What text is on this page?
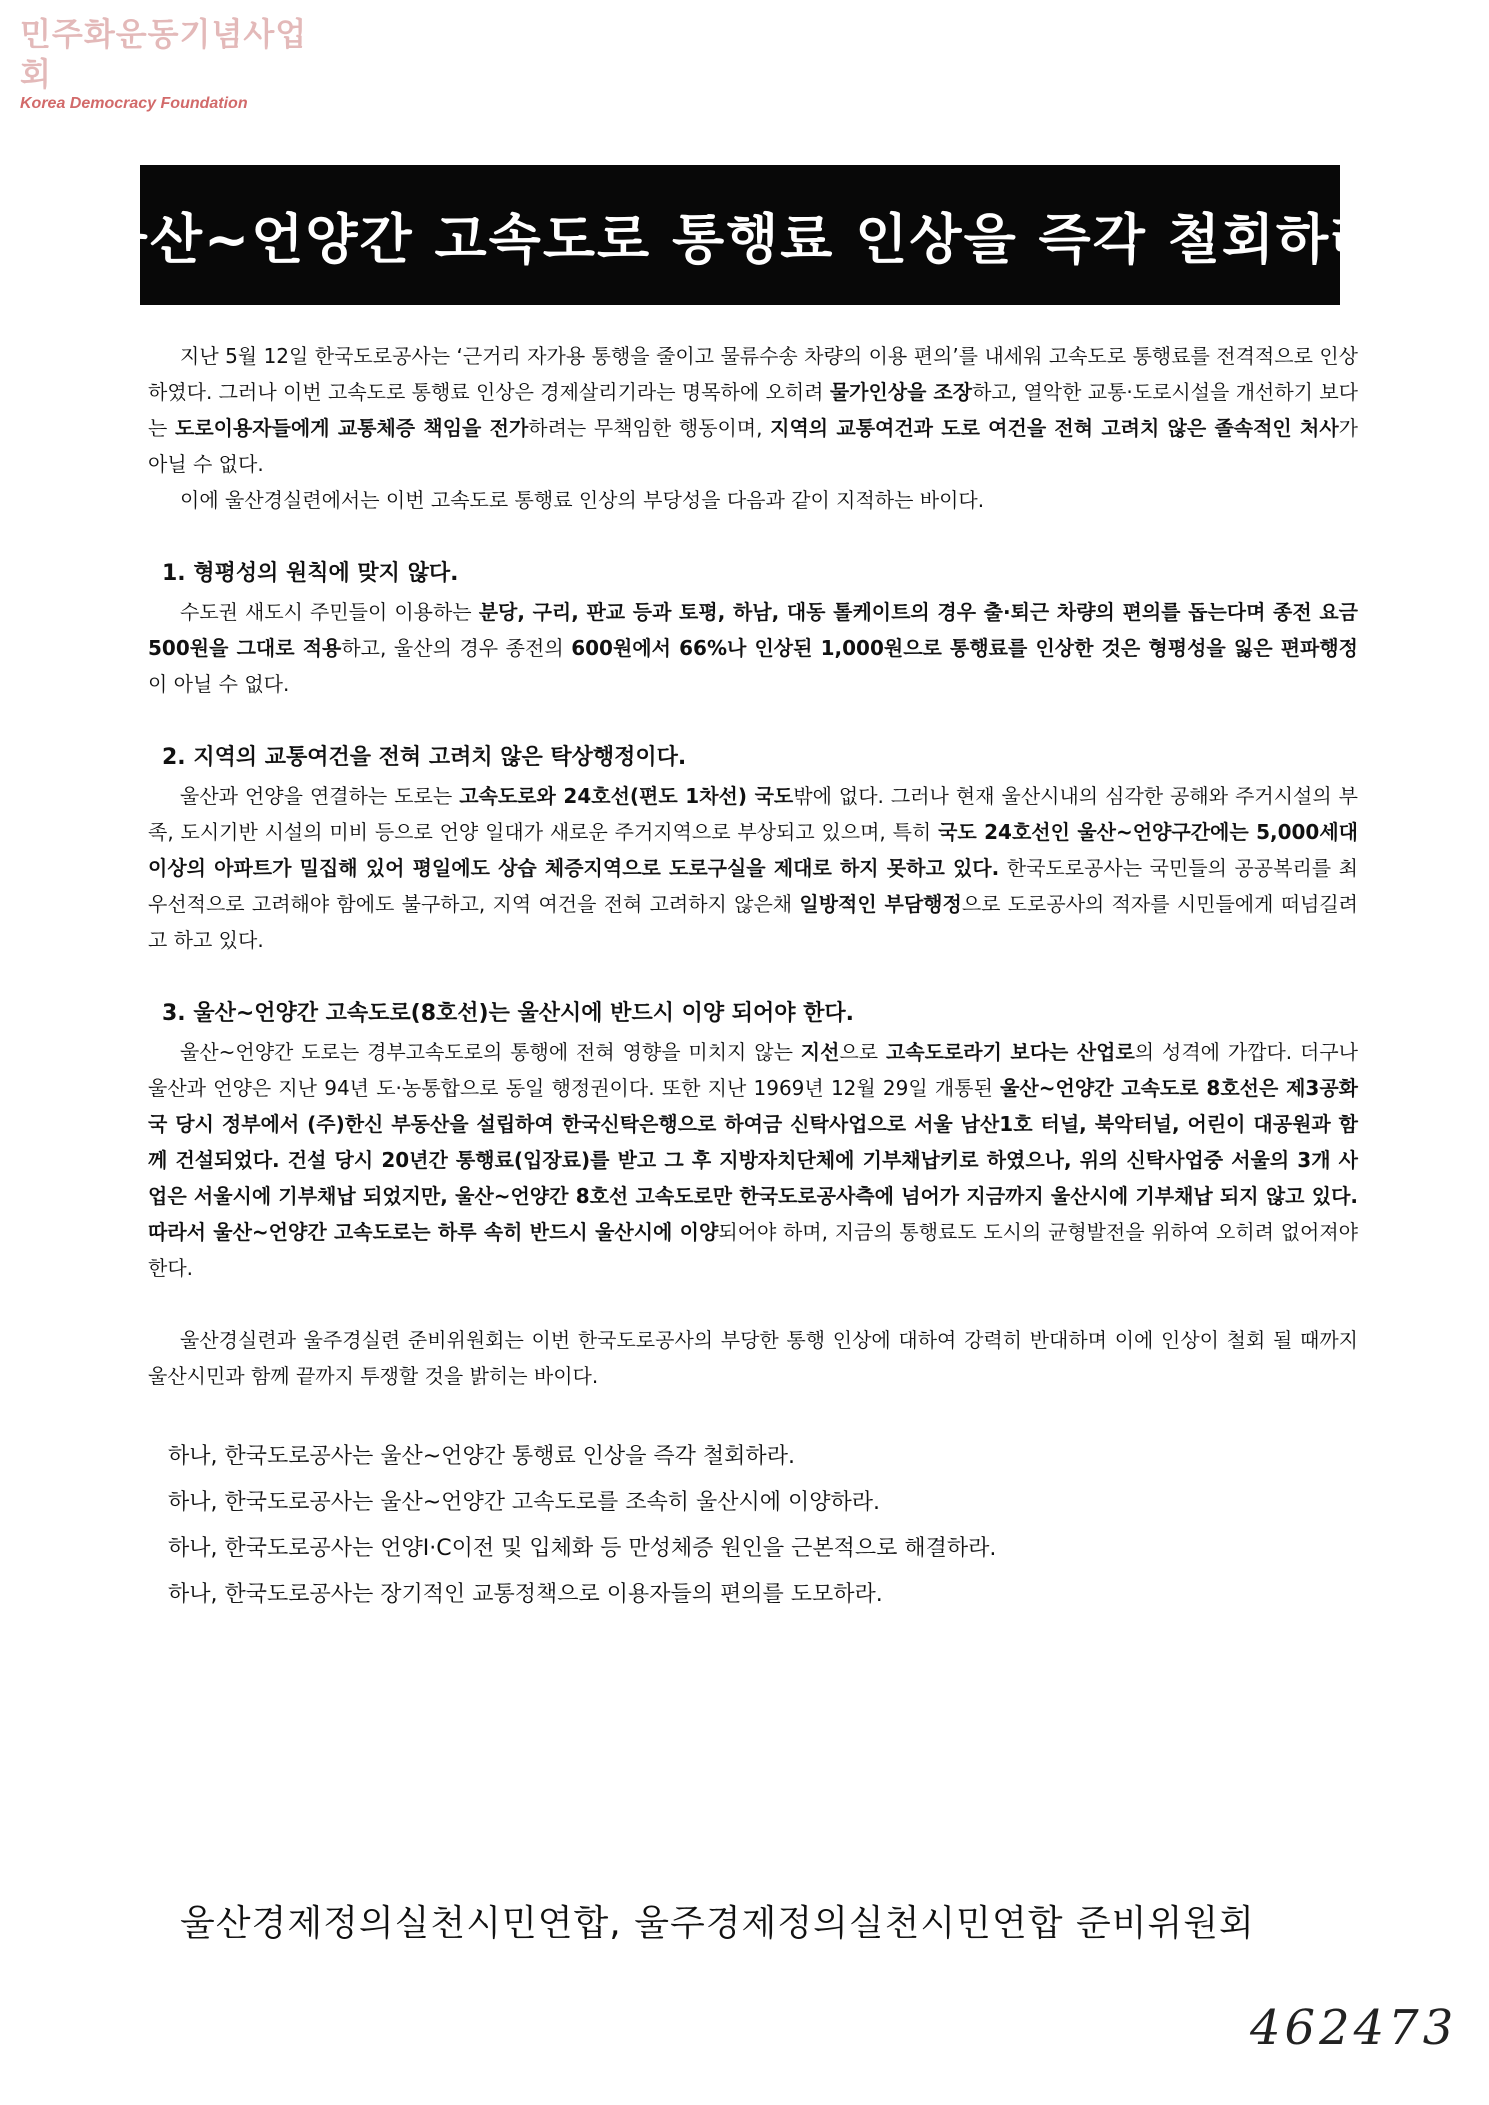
민주화운동기념사업회
Korea Democracy Foundation
울산~언양간 고속도로 통행료 인상을 즉각 철회하라

지난 5월 12일 한국도로공사는 ‘근거리 자가용 통행을 줄이고 물류수송 차량의 이용 편의’를 내세워 고속도로 통행료를 전격적으로 인상하였다. 그러나 이번 고속도로 통행료 인상은 경제살리기라는 명목하에 오히려 물가인상을 조장하고, 열악한 교통·도로시설을 개선하기 보다는 도로이용자들에게 교통체증 책임을 전가하려는 무책임한 행동이며, 지역의 교통여건과 도로 여건을 전혀 고려치 않은 졸속적인 처사가 아닐 수 없다.

이에 울산경실련에서는 이번 고속도로 통행료 인상의 부당성을 다음과 같이 지적하는 바이다.

1. 형평성의 원칙에 맞지 않다.

수도권 새도시 주민들이 이용하는 분당, 구리, 판교 등과 토평, 하남, 대동 톨케이트의 경우 출·퇴근 차량의 편의를 돕는다며 종전 요금 500원을 그대로 적용하고, 울산의 경우 종전의 600원에서 66%나 인상된 1,000원으로 통행료를 인상한 것은 형평성을 잃은 편파행정이 아닐 수 없다.

2. 지역의 교통여건을 전혀 고려치 않은 탁상행정이다.

울산과 언양을 연결하는 도로는 고속도로와 24호선(편도 1차선) 국도밖에 없다. 그러나 현재 울산시내의 심각한 공해와 주거시설의 부족, 도시기반 시설의 미비 등으로 언양 일대가 새로운 주거지역으로 부상되고 있으며, 특히 국도 24호선인 울산~언양구간에는 5,000세대 이상의 아파트가 밀집해 있어 평일에도 상습 체증지역으로 도로구실을 제대로 하지 못하고 있다. 한국도로공사는 국민들의 공공복리를 최우선적으로 고려해야 함에도 불구하고, 지역 여건을 전혀 고려하지 않은채 일방적인 부담행정으로 도로공사의 적자를 시민들에게 떠넘길려고 하고 있다.

3. 울산~언양간 고속도로(8호선)는 울산시에 반드시 이양 되어야 한다.

울산~언양간 도로는 경부고속도로의 통행에 전혀 영향을 미치지 않는 지선으로 고속도로라기 보다는 산업로의 성격에 가깝다. 더구나 울산과 언양은 지난 94년 도·농통합으로 동일 행정권이다. 또한 지난 1969년 12월 29일 개통된 울산~언양간 고속도로 8호선은 제3공화국 당시 정부에서 (주)한신 부동산을 설립하여 한국신탁은행으로 하여금 신탁사업으로 서울 남산1호 터널, 북악터널, 어린이 대공원과 함께 건설되었다. 건설 당시 20년간 통행료(입장료)를 받고 그 후 지방자치단체에 기부채납키로 하였으나, 위의 신탁사업중 서울의 3개 사업은 서울시에 기부채납 되었지만, 울산~언양간 8호선 고속도로만 한국도로공사측에 넘어가 지금까지 울산시에 기부채납 되지 않고 있다. 따라서 울산~언양간 고속도로는 하루 속히 반드시 울산시에 이양되어야 하며, 지금의 통행료도 도시의 균형발전을 위하여 오히려 없어져야 한다.

울산경실련과 울주경실련 준비위원회는 이번 한국도로공사의 부당한 통행 인상에 대하여 강력히 반대하며 이에 인상이 철회 될 때까지 울산시민과 함께 끝까지 투쟁할 것을 밝히는 바이다.

하나, 한국도로공사는 울산~언양간 통행료 인상을 즉각 철회하라.
하나, 한국도로공사는 울산~언양간 고속도로를 조속히 울산시에 이양하라.
하나, 한국도로공사는 언양I·C이전 및 입체화 등 만성체증 원인을 근본적으로 해결하라.
하나, 한국도로공사는 장기적인 교통정책으로 이용자들의 편의를 도모하라.
울산경제정의실천시민연합, 울주경제정의실천시민연합 준비위원회
462473
